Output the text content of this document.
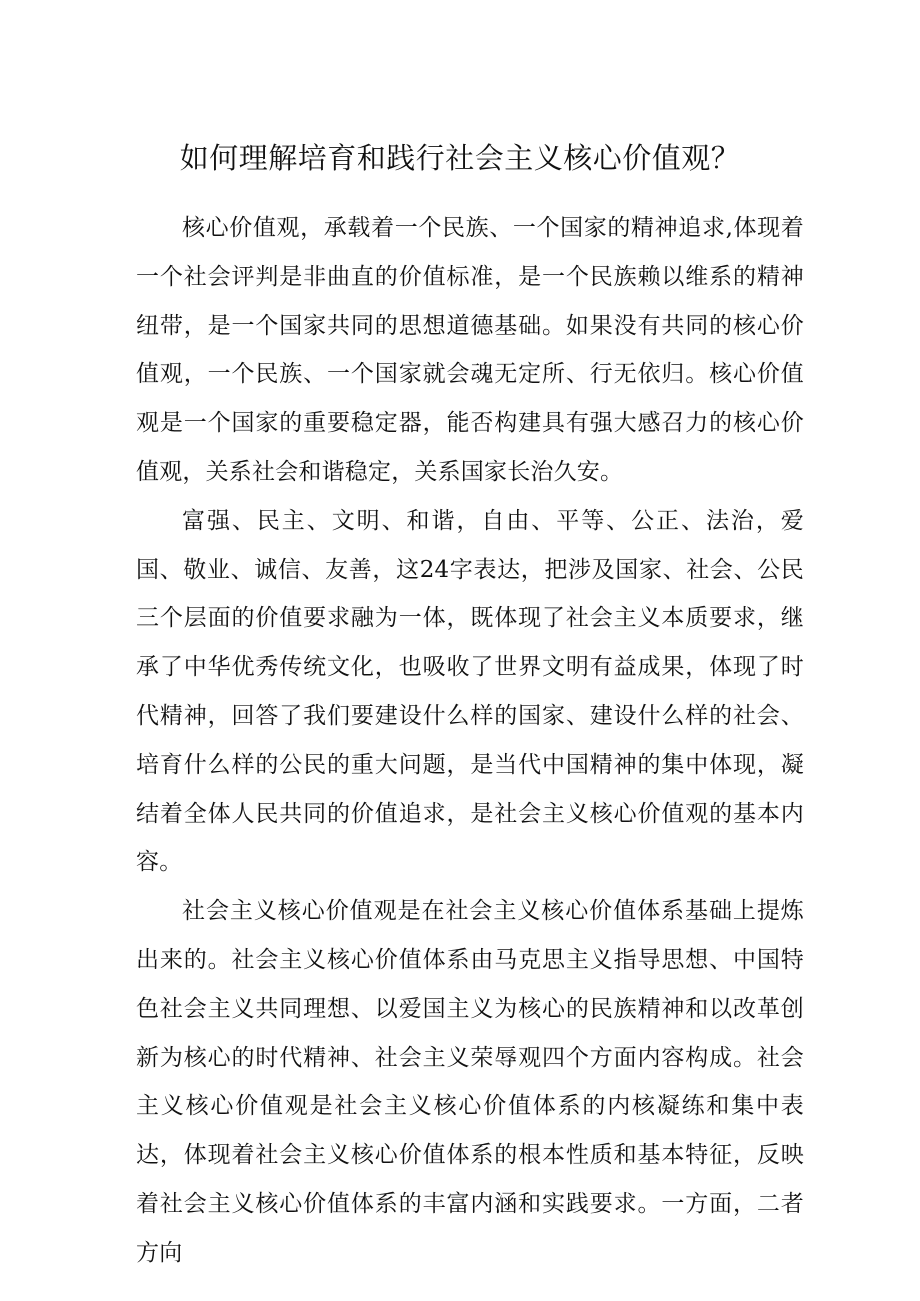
如何理解培育和践行社会主义核心价值观？

核心价值观，承载着一个民族、一个国家的精神追求,体现着一个社会评判是非曲直的价值标准，是一个民族赖以维系的精神纽带，是一个国家共同的思想道德基础。如果没有共同的核心价值观，一个民族、一个国家就会魂无定所、行无依归。核心价值观是一个国家的重要稳定器，能否构建具有强大感召力的核心价值观，关系社会和谐稳定，关系国家长治久安。

富强、民主、文明、和谐，自由、平等、公正、法治，爱国、敬业、诚信、友善，这24字表达，把涉及国家、社会、公民三个层面的价值要求融为一体，既体现了社会主义本质要求，继承了中华优秀传统文化，也吸收了世界文明有益成果，体现了时代精神，回答了我们要建设什么样的国家、建设什么样的社会、培育什么样的公民的重大问题，是当代中国精神的集中体现，凝结着全体人民共同的价值追求，是社会主义核心价值观的基本内容。

社会主义核心价值观是在社会主义核心价值体系基础上提炼出来的。社会主义核心价值体系由马克思主义指导思想、中国特色社会主义共同理想、以爱国主义为核心的民族精神和以改革创新为核心的时代精神、社会主义荣辱观四个方面内容构成。社会主义核心价值观是社会主义核心价值体系的内核凝练和集中表达，体现着社会主义核心价值体系的根本性质和基本特征，反映着社会主义核心价值体系的丰富内涵和实践要求。一方面，二者方向
